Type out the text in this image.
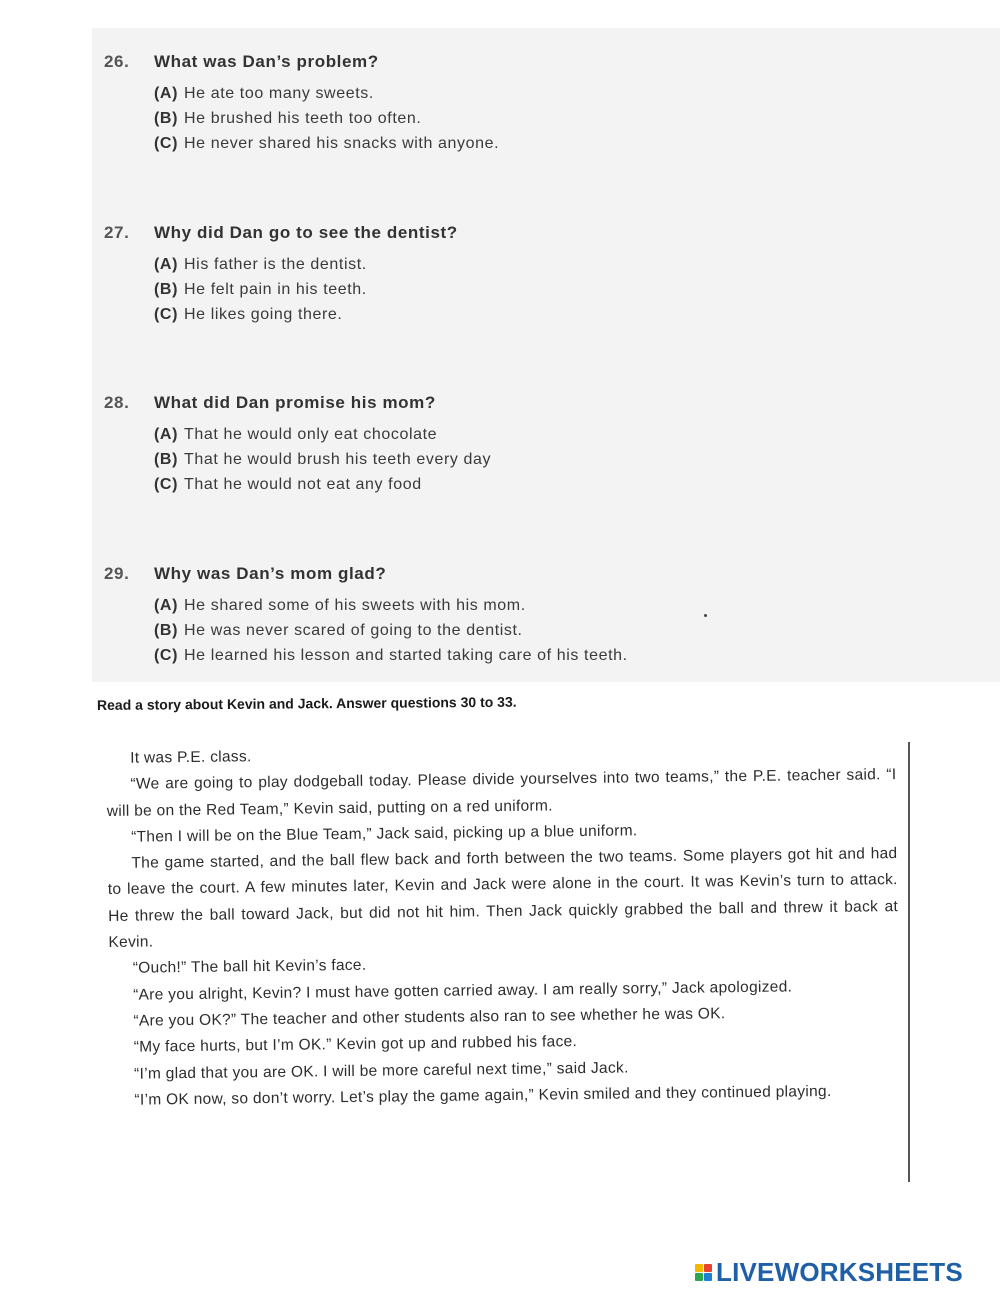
26. What was Dan’s problem?
(A) He ate too many sweets.
(B) He brushed his teeth too often.
(C) He never shared his snacks with anyone.
27. Why did Dan go to see the dentist?
(A) His father is the dentist.
(B) He felt pain in his teeth.
(C) He likes going there.
28. What did Dan promise his mom?
(A) That he would only eat chocolate
(B) That he would brush his teeth every day
(C) That he would not eat any food
29. Why was Dan’s mom glad?
(A) He shared some of his sweets with his mom.
(B) He was never scared of going to the dentist.
(C) He learned his lesson and started taking care of his teeth.
Read a story about Kevin and Jack. Answer questions 30 to 33.

It was P.E. class.

“We are going to play dodgeball today. Please divide yourselves into two teams,” the P.E. teacher said. “I will be on the Red Team,” Kevin said, putting on a red uniform.

“Then I will be on the Blue Team,” Jack said, picking up a blue uniform.

The game started, and the ball flew back and forth between the two teams. Some players got hit and had to leave the court. A few minutes later, Kevin and Jack were alone in the court. It was Kevin’s turn to attack. He threw the ball toward Jack, but did not hit him. Then Jack quickly grabbed the ball and threw it back at Kevin.

“Ouch!” The ball hit Kevin’s face.

“Are you alright, Kevin? I must have gotten carried away. I am really sorry,” Jack apologized.

“Are you OK?” The teacher and other students also ran to see whether he was OK.

“My face hurts, but I’m OK.” Kevin got up and rubbed his face.

“I’m glad that you are OK. I will be more careful next time,” said Jack.

“I’m OK now, so don’t worry. Let’s play the game again,” Kevin smiled and they continued playing.

LIVEWORKSHEETS
